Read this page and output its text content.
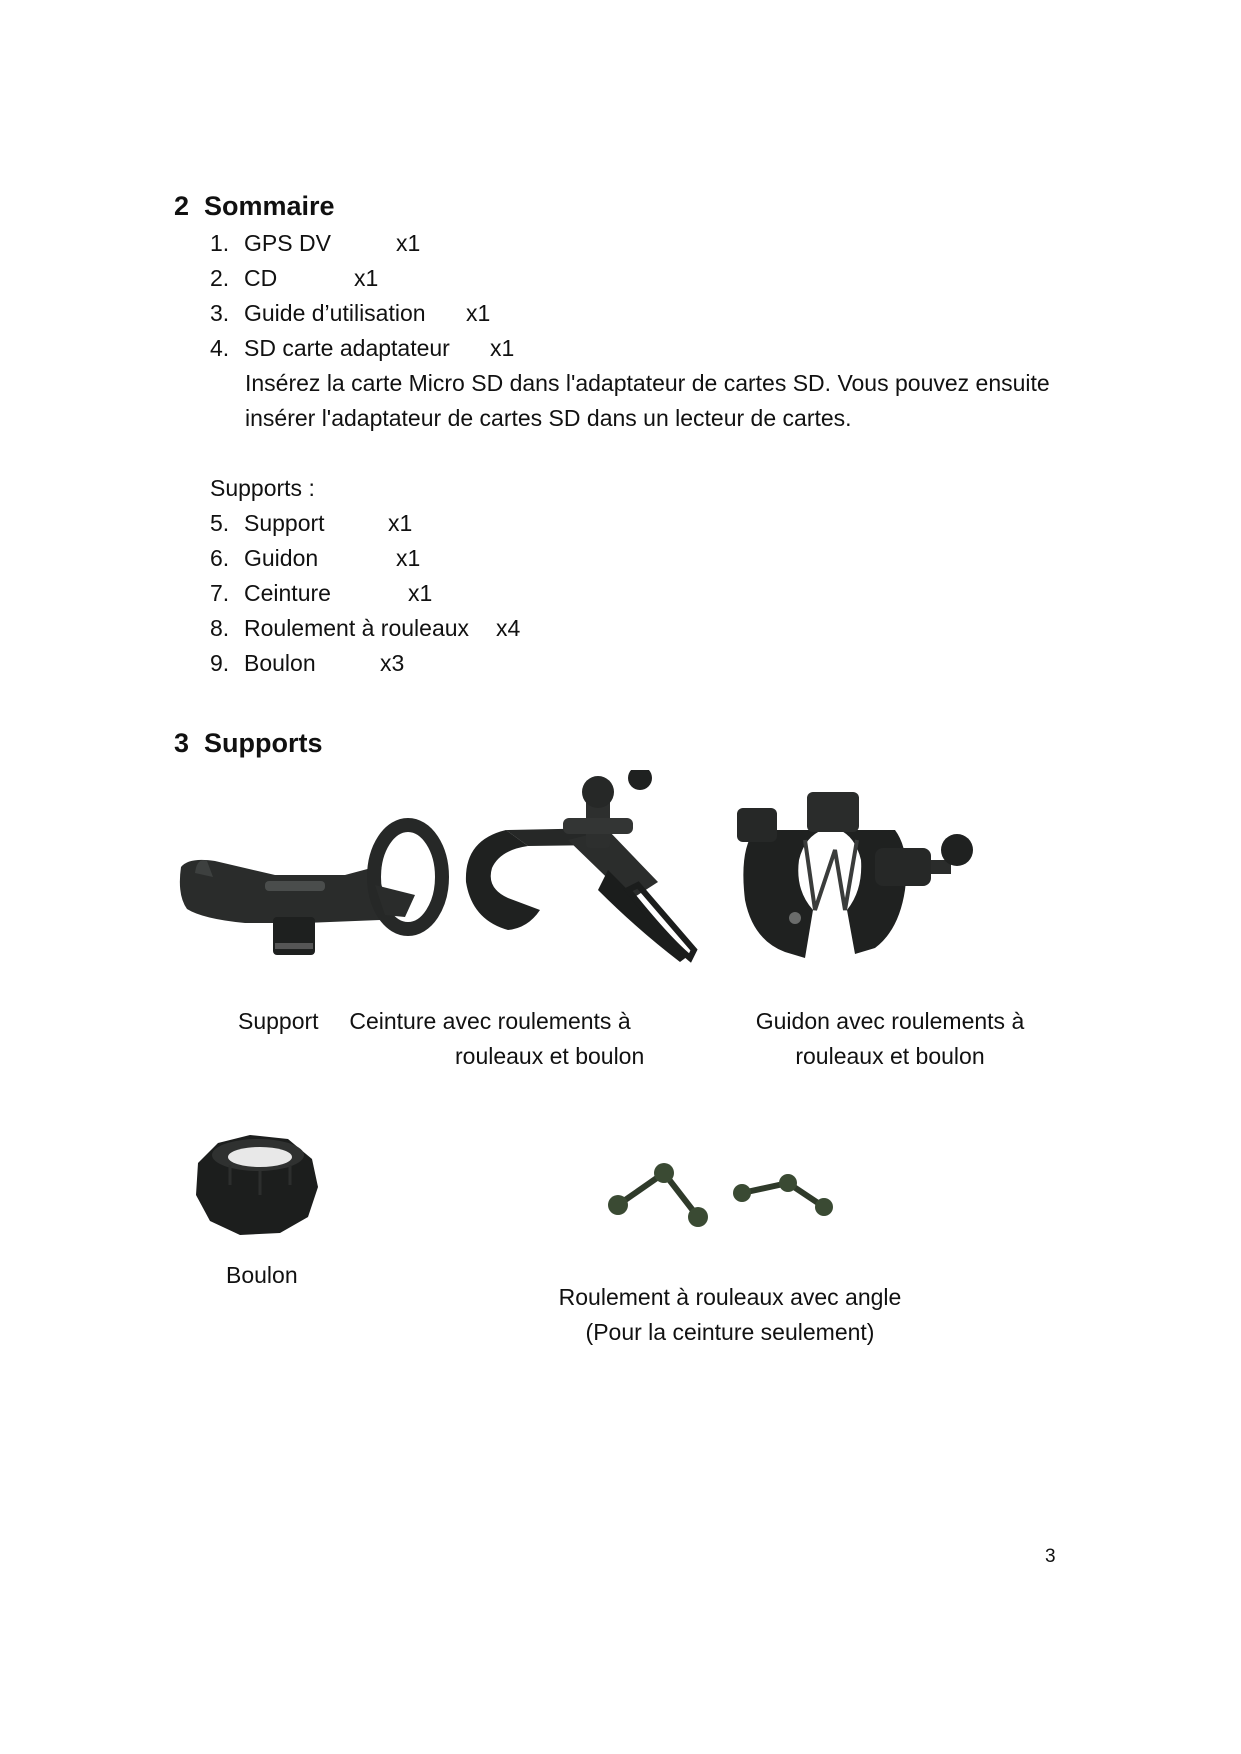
2 Sommaire
1. GPS DV	x1
2. CD	x1
3. Guide d’utilisation x1
4. SD carte adaptateur x1
Insérez la carte Micro SD dans l'adaptateur de cartes SD. Vous pouvez ensuite
insérer l'adaptateur de cartes SD dans un lecteur de cartes.
Supports :
5. Support	x1
6. Guidon	x1
7. Ceinture	x1
8. Roulement à rouleaux x4
9. Boulon	x3
3 Supports
Support	Ceinture avec roulements à
rouleaux et boulon
Guidon avec roulements à
rouleaux et boulon
Boulon
Roulement à rouleaux avec angle
(Pour la ceinture seulement)
3
